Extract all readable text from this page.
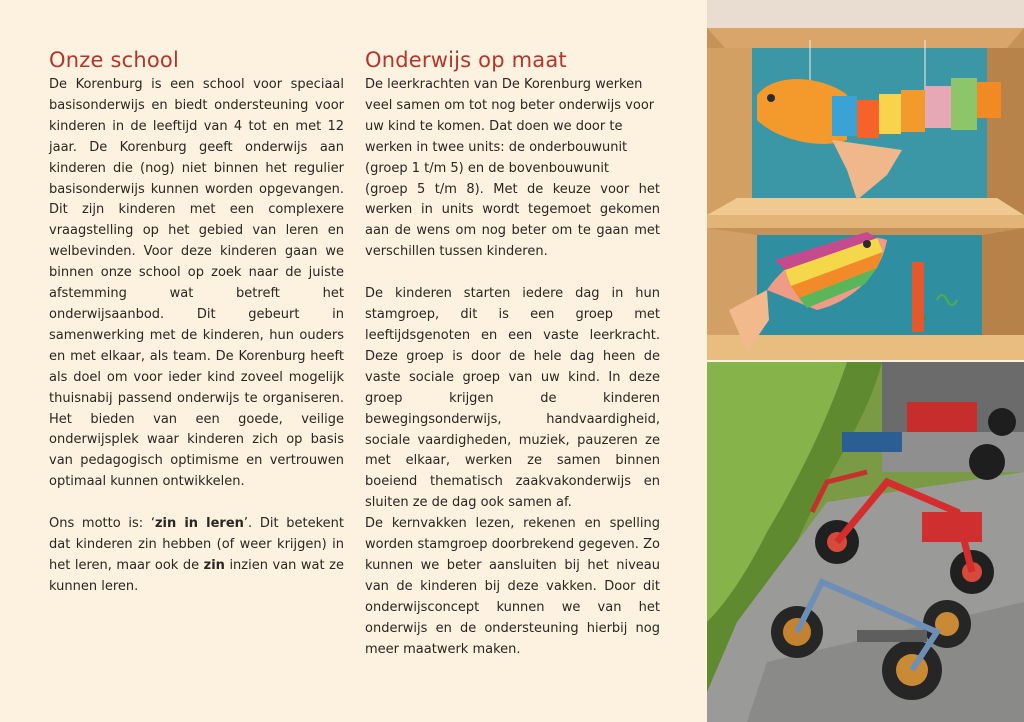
Onze school

De Korenburg is een school voor speciaal basisonderwijs en biedt ondersteuning voor kinderen in de leeftijd van 4 tot en met 12 jaar. De Korenburg geeft onderwijs aan kinderen die (nog) niet binnen het regulier basisonderwijs kunnen worden opgevangen. Dit zijn kinderen met een complexere vraagstelling op het gebied van leren en welbevinden. Voor deze kinderen gaan we binnen onze school op zoek naar de juiste afstemming wat betreft het onderwijsaanbod. Dit gebeurt in samenwerking met de kinderen, hun ouders en met elkaar, als team. De Korenburg heeft als doel om voor ieder kind zoveel mogelijk thuisnabij passend onderwijs te organiseren. Het bieden van een goede, veilige onderwijsplek waar kinderen zich op basis van pedagogisch optimisme en vertrouwen optimaal kunnen ontwikkelen.

Ons motto is: ‘zin in leren’. Dit betekent dat kinderen zin hebben (of weer krijgen) in het leren, maar ook de zin inzien van wat ze kunnen leren.

Onderwijs op maat

De leerkrachten van De Korenburg werken veel samen om tot nog beter onderwijs voor uw kind te komen. Dat doen we door te werken in twee units: de onderbouwunit (groep 1 t/m 5) en de bovenbouwunit

(groep 5 t/m 8). Met de keuze voor het werken in units wordt tegemoet gekomen aan de wens om nog beter om te gaan met verschillen tussen kinderen.

De kinderen starten iedere dag in hun stamgroep, dit is een groep met leeftijdsgenoten en een vaste leerkracht. Deze groep is door de hele dag heen de vaste sociale groep van uw kind. In deze groep krijgen de kinderen bewegingsonderwijs, handvaardigheid, sociale vaardigheden, muziek, pauzeren ze met elkaar, werken ze samen binnen boeiend thematisch zaakvakonderwijs en sluiten ze de dag ook samen af.

De kernvakken lezen, rekenen en spelling worden stamgroep doorbrekend gegeven. Zo kunnen we beter aansluiten bij het niveau van de kinderen bij deze vakken. Door dit onderwijsconcept kunnen we van het onderwijs en de ondersteuning hierbij nog meer maatwerk maken.
